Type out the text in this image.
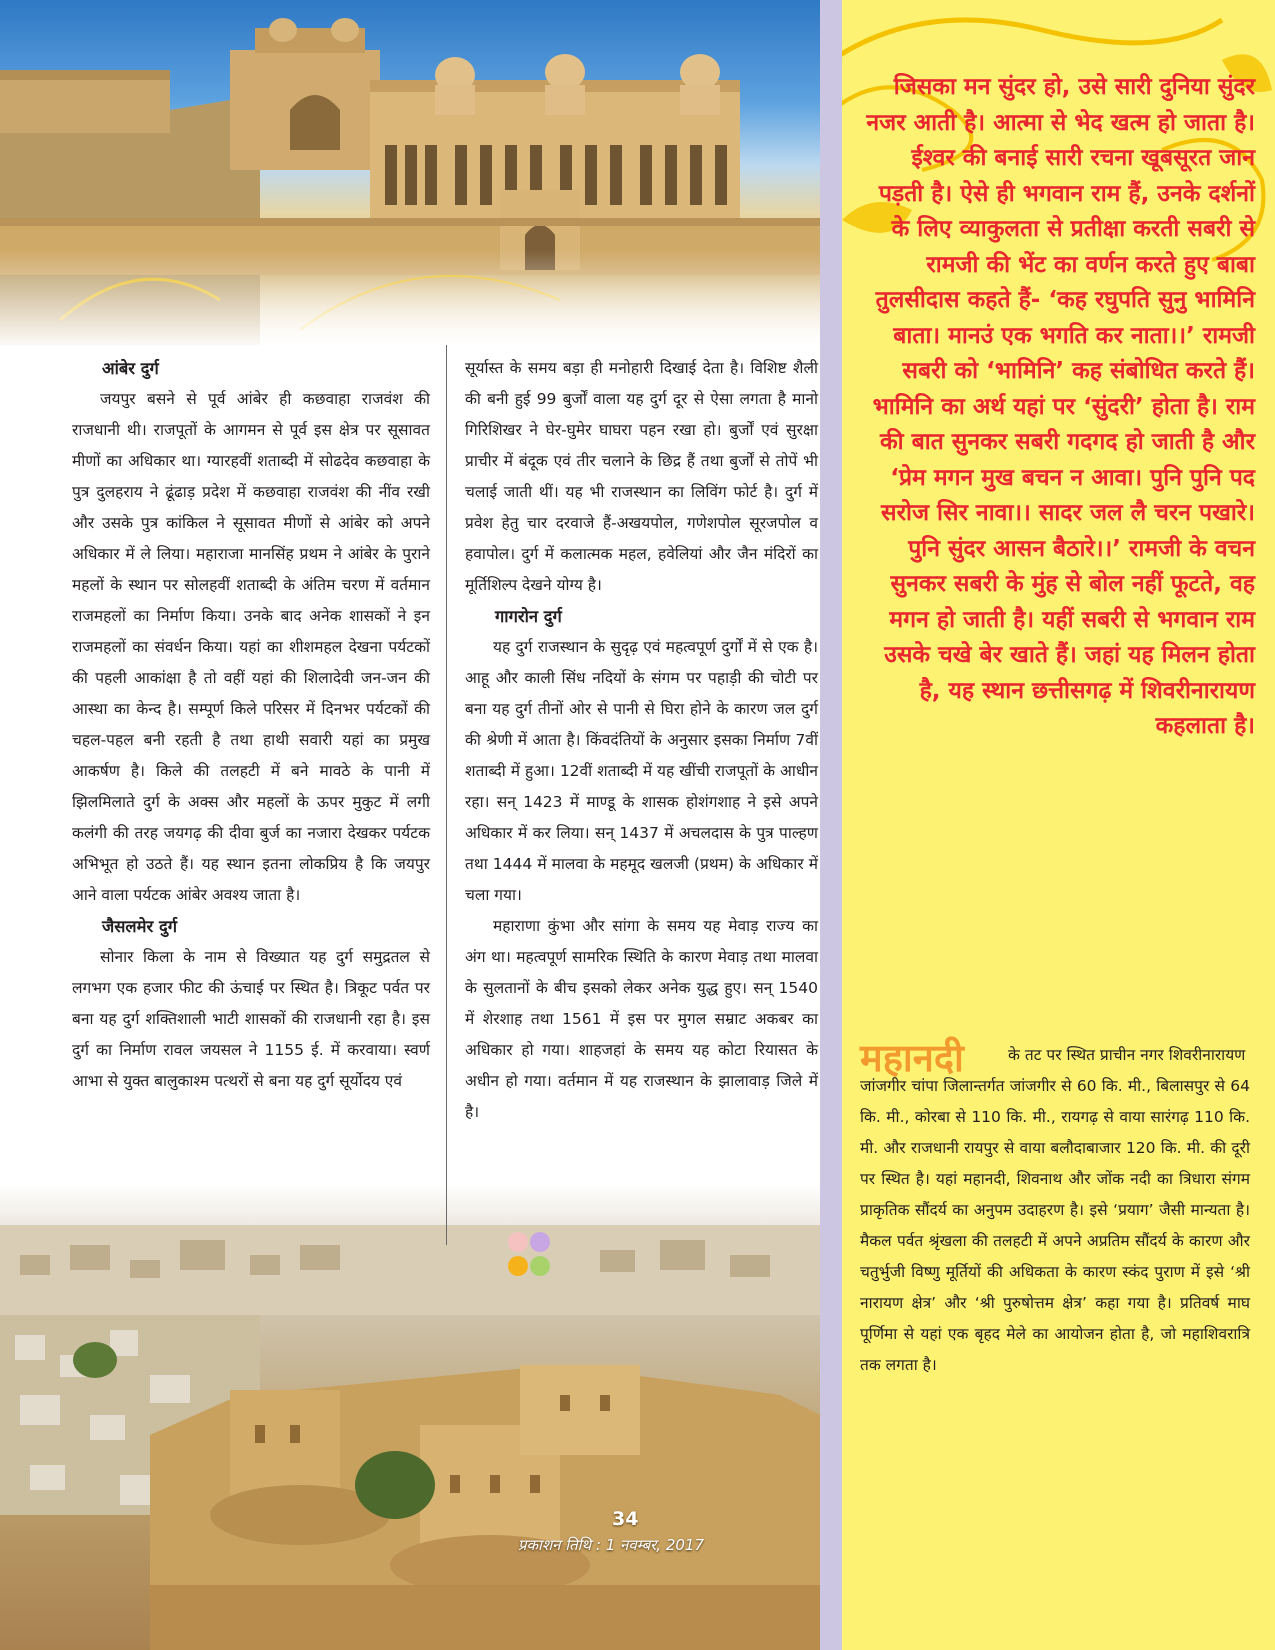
आंबेर दुर्ग

जयपुर बसने से पूर्व आंबेर ही कछवाहा राजवंश की राजधानी थी। राजपूतों के आगमन से पूर्व इस क्षेत्र पर सूसावत मीणों का अधिकार था। ग्यारहवीं शताब्दी में सोढदेव कछवाहा के पुत्र दुलहराय ने ढूंढाड़ प्रदेश में कछवाहा राजवंश की नींव रखी और उसके पुत्र कांकिल ने सूसावत मीणों से आंबेर को अपने अधिकार में ले लिया। महाराजा मानसिंह प्रथम ने आंबेर के पुराने महलों के स्थान पर सोलहवीं शताब्दी के अंतिम चरण में वर्तमान राजमहलों का निर्माण किया। उनके बाद अनेक शासकों ने इन राजमहलों का संवर्धन किया। यहां का शीशमहल देखना पर्यटकों की पहली आकांक्षा है तो वहीं यहां की शिलादेवी जन-जन की आस्था का केन्द है। सम्पूर्ण किले परिसर में दिनभर पर्यटकों की चहल-पहल बनी रहती है तथा हाथी सवारी यहां का प्रमुख आकर्षण है। किले की तलहटी में बने मावठे के पानी में झिलमिलाते दुर्ग के अक्स और महलों के ऊपर मुकुट में लगी कलंगी की तरह जयगढ़ की दीवा बुर्ज का नजारा देखकर पर्यटक अभिभूत हो उठते हैं। यह स्थान इतना लोकप्रिय है कि जयपुर आने वाला पर्यटक आंबेर अवश्य जाता है।

जैसलमेर दुर्ग

सोनार किला के नाम से विख्यात यह दुर्ग समुद्रतल से लगभग एक हजार फीट की ऊंचाई पर स्थित है। त्रिकूट पर्वत पर बना यह दुर्ग शक्तिशाली भाटी शासकों की राजधानी रहा है। इस दुर्ग का निर्माण रावल जयसल ने 1155 ई. में करवाया। स्वर्ण आभा से युक्त बालुकाश्म पत्थरों से बना यह दुर्ग सूर्योदय एवं

सूर्यास्त के समय बड़ा ही मनोहारी दिखाई देता है। विशिष्ट शैली की बनी हुई 99 बुर्जों वाला यह दुर्ग दूर से ऐसा लगता है मानो गिरिशिखर ने घेर-घुमेर घाघरा पहन रखा हो। बुर्जों एवं सुरक्षा प्राचीर में बंदूक एवं तीर चलाने के छिद्र हैं तथा बुर्जों से तोपें भी चलाई जाती थीं। यह भी राजस्थान का लिविंग फोर्ट है। दुर्ग में प्रवेश हेतु चार दरवाजे हैं-अखयपोल, गणेशपोल सूरजपोल व हवापोल। दुर्ग में कलात्मक महल, हवेलियां और जैन मंदिरों का मूर्तिशिल्प देखने योग्य है।

गागरोन दुर्ग

यह दुर्ग राजस्थान के सुदृढ़ एवं महत्वपूर्ण दुर्गों में से एक है। आहू और काली सिंध नदियों के संगम पर पहाड़ी की चोटी पर बना यह दुर्ग तीनों ओर से पानी से घिरा होने के कारण जल दुर्ग की श्रेणी में आता है। किंवदंतियों के अनुसार इसका निर्माण 7वीं शताब्दी में हुआ। 12वीं शताब्दी में यह खींची राजपूतों के आधीन रहा। सन् 1423 में माण्डू के शासक होशंगशाह ने इसे अपने अधिकार में कर लिया। सन् 1437 में अचलदास के पुत्र पाल्हण तथा 1444 में मालवा के महमूद खलजी (प्रथम) के अधिकार में चला गया।

महाराणा कुंभा और सांगा के समय यह मेवाड़ राज्य का अंग था। महत्वपूर्ण सामरिक स्थिति के कारण मेवाड़ तथा मालवा के सुलतानों के बीच इसको लेकर अनेक युद्ध हुए। सन् 1540 में शेरशाह तथा 1561 में इस पर मुगल सम्राट अकबर का अधिकार हो गया। शाहजहां के समय यह कोटा रियासत के अधीन हो गया। वर्तमान में यह राजस्थान के झालावाड़ जिले में है।

34
प्रकाशन तिथि : 1 नवम्बर, 2017
जिसका मन सुंदर हो, उसे सारी दुनिया सुंदर नजर आती है। आत्मा से भेद खत्म हो जाता है। ईश्वर की बनाई सारी रचना खूबसूरत जान पड़ती है। ऐसे ही भगवान राम हैं, उनके दर्शनों के लिए व्याकुलता से प्रतीक्षा करती सबरी से रामजी की भेंट का वर्णन करते हुए बाबा तुलसीदास कहते हैं- ‘कह रघुपति सुनु भामिनि बाता। मानउं एक भगति कर नाता।।’ रामजी सबरी को ‘भामिनि’ कह संबोधित करते हैं। भामिनि का अर्थ यहां पर ‘सुंदरी’ होता है। राम की बात सुनकर सबरी गदगद हो जाती है और ‘प्रेम मगन मुख बचन न आवा। पुनि पुनि पद सरोज सिर नावा।। सादर जल लै चरन पखारे। पुनि सुंदर आसन बैठारे।।’ रामजी के वचन सुनकर सबरी के मुंह से बोल नहीं फूटते, वह मगन हो जाती है। यहीं सबरी से भगवान राम उसके चखे बेर खाते हैं। जहां यह मिलन होता है, यह स्थान छत्तीसगढ़ में शिवरीनारायण कहलाता है।
महानदी	के तट पर स्थित प्राचीन नगर शिवरीनारायण
जांजगीर चांपा जिलान्तर्गत जांजगीर से 60 कि. मी., बिलासपुर से 64 कि. मी., कोरबा से 110 कि. मी., रायगढ़ से वाया सारंगढ़ 110 कि. मी. और राजधानी रायपुर से वाया बलौदाबाजार 120 कि. मी. की दूरी पर स्थित है। यहां महानदी, शिवनाथ और जोंक नदी का त्रिधारा संगम प्राकृतिक सौंदर्य का अनुपम उदाहरण है। इसे ‘प्रयाग’ जैसी मान्यता है। मैकल पर्वत श्रृंखला की तलहटी में अपने अप्रतिम सौंदर्य के कारण और चतुर्भुजी विष्णु मूर्तियों की अधिकता के कारण स्कंद पुराण में इसे ‘श्री नारायण क्षेत्र’ और ‘श्री पुरुषोत्तम क्षेत्र’ कहा गया है। प्रतिवर्ष माघ पूर्णिमा से यहां एक बृहद मेले का आयोजन होता है, जो महाशिवरात्रि तक लगता है।
